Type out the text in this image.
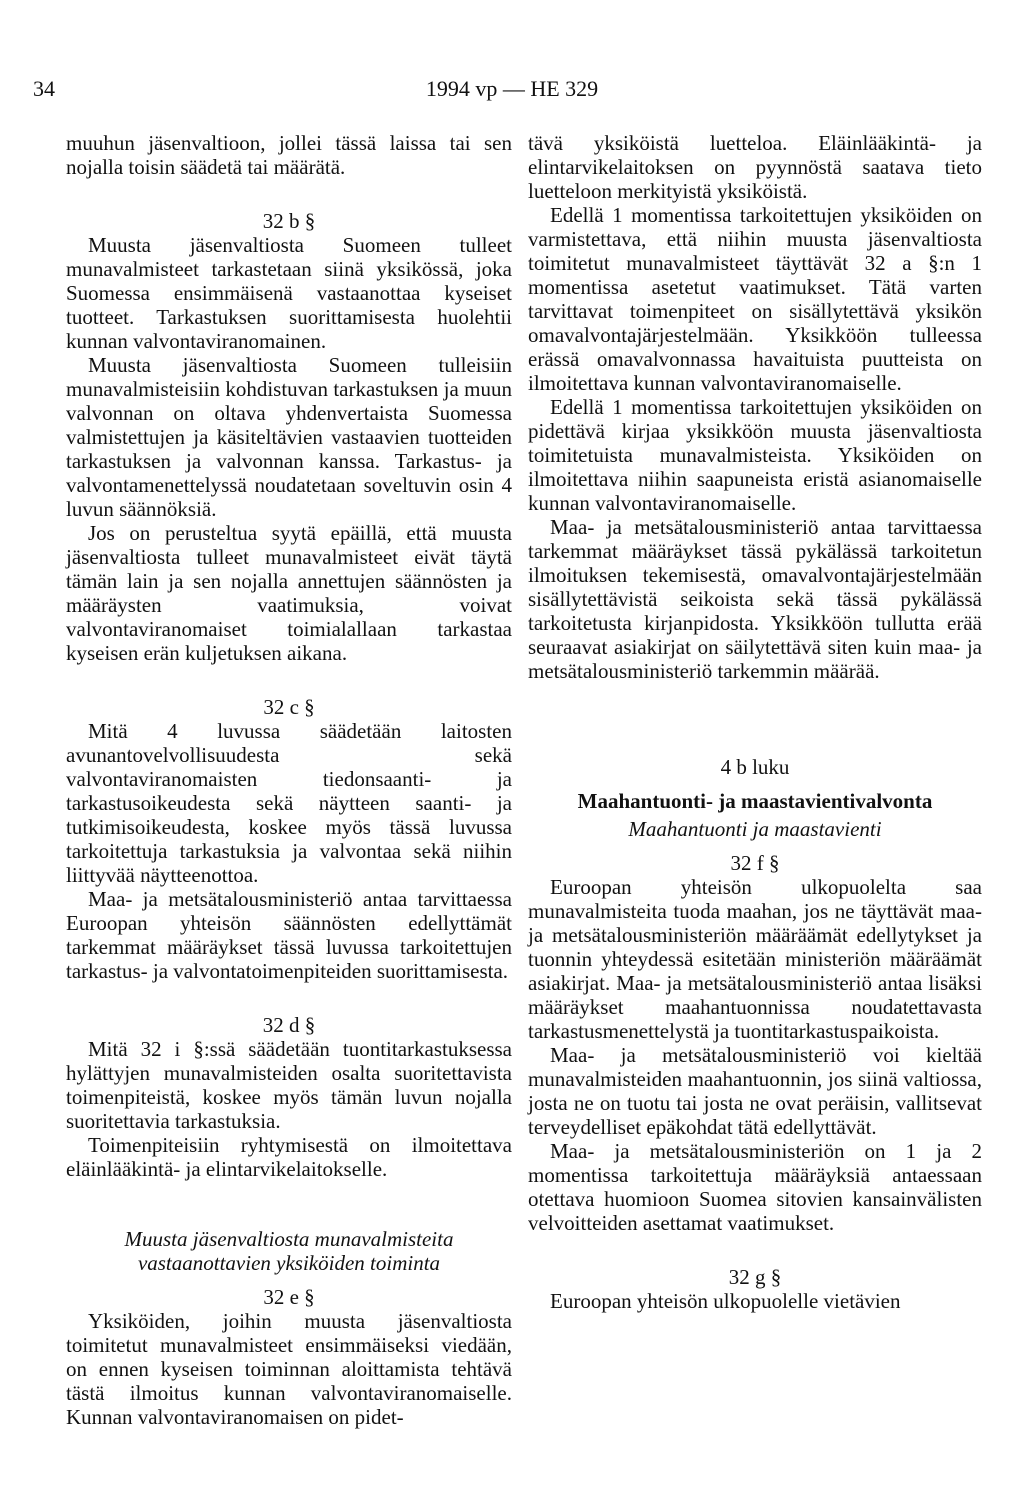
34	1994 vp — HE 329

muuhun jäsenvaltioon, jollei tässä laissa tai sen nojalla toisin säädetä tai määrätä.

32 b §

Muusta jäsenvaltiosta Suomeen tulleet munavalmisteet tarkastetaan siinä yksikössä, joka Suomessa ensimmäisenä vastaanottaa kyseiset tuotteet. Tarkastuksen suorittamisesta huolehtii kunnan valvontaviranomainen.

Muusta jäsenvaltiosta Suomeen tulleisiin munavalmisteisiin kohdistuvan tarkastuksen ja muun valvonnan on oltava yhdenvertaista Suomessa valmistettujen ja käsiteltävien vastaavien tuotteiden tarkastuksen ja valvonnan kanssa. Tarkastus- ja valvontamenettelyssä noudatetaan soveltuvin osin 4 luvun säännöksiä.

Jos on perusteltua syytä epäillä, että muusta jäsenvaltiosta tulleet munavalmisteet eivät täytä tämän lain ja sen nojalla annettujen säännösten ja määräysten vaatimuksia, voivat valvontaviranomaiset toimialallaan tarkastaa kyseisen erän kuljetuksen aikana.

32 c §

Mitä 4 luvussa säädetään laitosten avunantovelvollisuudesta sekä valvontaviranomaisten tiedonsaanti- ja tarkastusoikeudesta sekä näytteen saanti- ja tutkimisoikeudesta, koskee myös tässä luvussa tarkoitettuja tarkastuksia ja valvontaa sekä niihin liittyvää näytteenottoa.

Maa- ja metsätalousministeriö antaa tarvittaessa Euroopan yhteisön säännösten edellyttämät tarkemmat määräykset tässä luvussa tarkoitettujen tarkastus- ja valvontatoimenpiteiden suorittamisesta.

32 d §

Mitä 32 i §:ssä säädetään tuontitarkastuksessa hylättyjen munavalmisteiden osalta suoritettavista toimenpiteistä, koskee myös tämän luvun nojalla suoritettavia tarkastuksia.

Toimenpiteisiin ryhtymisestä on ilmoitettava eläinlääkintä- ja elintarvikelaitokselle.

Muusta jäsenvaltiosta munavalmisteita vastaanottavien yksiköiden toiminta
32 e §

Yksiköiden, joihin muusta jäsenvaltiosta toimitetut munavalmisteet ensimmäiseksi viedään, on ennen kyseisen toiminnan aloittamista tehtävä tästä ilmoitus kunnan valvontaviranomaiselle. Kunnan valvontaviranomaisen on pidet-

tävä yksiköistä luetteloa. Eläinlääkintä- ja elintarvikelaitoksen on pyynnöstä saatava tieto luetteloon merkityistä yksiköistä.

Edellä 1 momentissa tarkoitettujen yksiköiden on varmistettava, että niihin muusta jäsenvaltiosta toimitetut munavalmisteet täyttävät 32 a §:n 1 momentissa asetetut vaatimukset. Tätä varten tarvittavat toimenpiteet on sisällytettävä yksikön omavalvontajärjestelmään. Yksikköön tulleessa erässä omavalvonnassa havaituista puutteista on ilmoitettava kunnan valvontaviranomaiselle.

Edellä 1 momentissa tarkoitettujen yksiköiden on pidettävä kirjaa yksikköön muusta jäsenvaltiosta toimitetuista munavalmisteista. Yksiköiden on ilmoitettava niihin saapuneista eristä asianomaiselle kunnan valvontaviranomaiselle.

Maa- ja metsätalousministeriö antaa tarvittaessa tarkemmat määräykset tässä pykälässä tarkoitetun ilmoituksen tekemisestä, omavalvontajärjestelmään sisällytettävistä seikoista sekä tässä pykälässä tarkoitetusta kirjanpidosta. Yksikköön tullutta erää seuraavat asiakirjat on säilytettävä siten kuin maa- ja metsätalousministeriö tarkemmin määrää.

4 b luku
Maahantuonti- ja maastavientivalvonta
Maahantuonti ja maastavienti
32 f §

Euroopan yhteisön ulkopuolelta saa munavalmisteita tuoda maahan, jos ne täyttävät maa- ja metsätalousministeriön määräämät edellytykset ja tuonnin yhteydessä esitetään ministeriön määräämät asiakirjat. Maa- ja metsätalousministeriö antaa lisäksi määräykset maahantuonnissa noudatettavasta tarkastusmenettelystä ja tuontitarkastuspaikoista.

Maa- ja metsätalousministeriö voi kieltää munavalmisteiden maahantuonnin, jos siinä valtiossa, josta ne on tuotu tai josta ne ovat peräisin, vallitsevat terveydelliset epäkohdat tätä edellyttävät.

Maa- ja metsätalousministeriön on 1 ja 2 momentissa tarkoitettuja määräyksiä antaessaan otettava huomioon Suomea sitovien kansainvälisten velvoitteiden asettamat vaatimukset.

32 g §

Euroopan yhteisön ulkopuolelle vietävien
